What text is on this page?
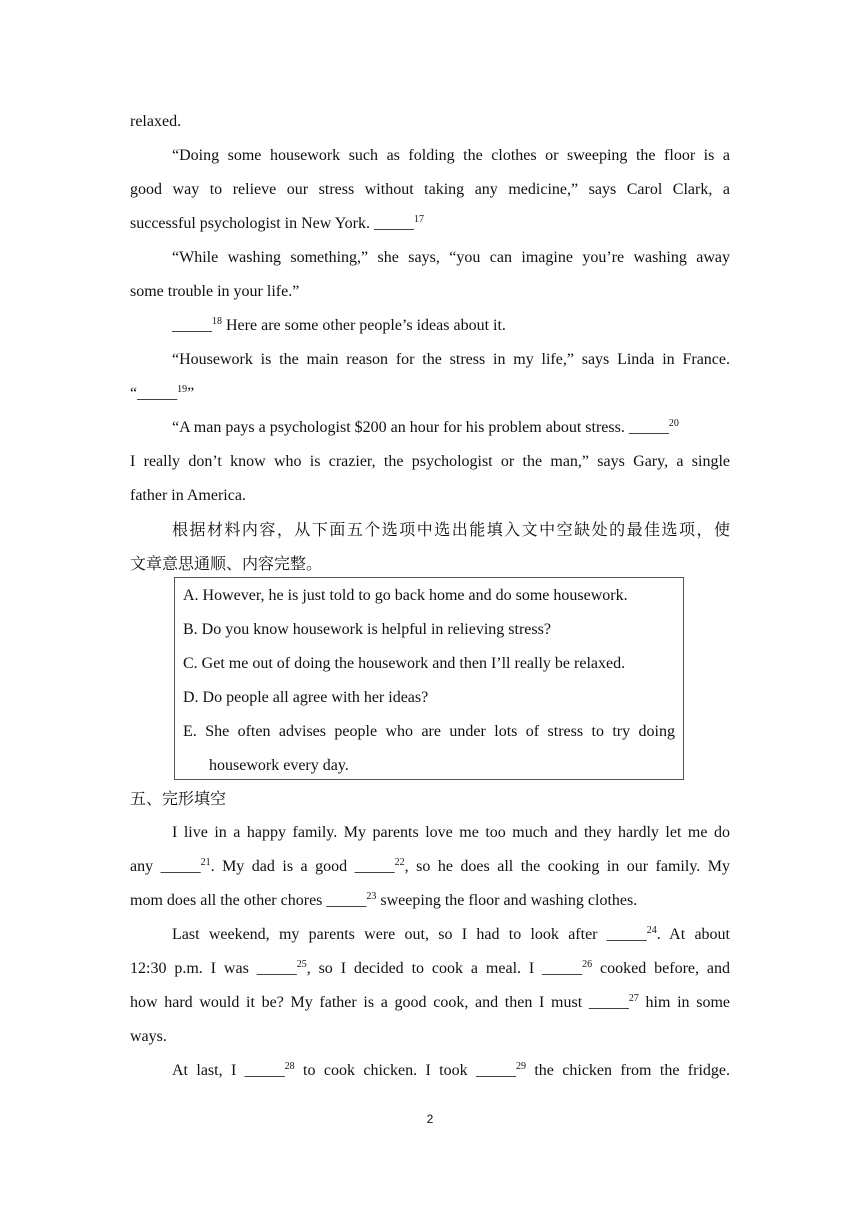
relaxed.
“Doing some housework such as folding the clothes or sweeping the floor is a
good way to relieve our stress without taking any medicine,” says Carol Clark, a
successful psychologist in New York. _____$^{17}$
“While washing something,” she says, “you can imagine you’re washing away
some trouble in your life.”
_____$^{18}$ Here are some other people’s ideas about it.
“Housework is the main reason for the stress in my life,” says Linda in France.
“_____$^{19}$”
“A man pays a psychologist $200 an hour for his problem about stress. _____$^{20}$
I really don’t know who is crazier, the psychologist or the man,” says Gary, a single
father in America.
根据材料内容，从下面五个选项中选出能填入文中空缺处的最佳选项，使
文章意思通顺、内容完整。
A. However, he is just told to go back home and do some housework.
B. Do you know housework is helpful in relieving stress?
C. Get me out of doing the housework and then I’ll really be relaxed.
D. Do people all agree with her ideas?
E. She often advises people who are under lots of stress to try doing
housework every day.
五、完形填空
I live in a happy family. My parents love me too much and they hardly let me do
any _____$^{21}$. My dad is a good _____$^{22}$, so he does all the cooking in our family. My
mom does all the other chores _____$^{23}$ sweeping the floor and washing clothes.
Last weekend, my parents were out, so I had to look after _____$^{24}$. At about
12:30 p.m. I was _____$^{25}$, so I decided to cook a meal. I _____$^{26}$ cooked before, and
how hard would it be? My father is a good cook, and then I must _____$^{27}$ him in some
ways.
At last, I _____$^{28}$ to cook chicken. I took _____$^{29}$ the chicken from the fridge.
2
